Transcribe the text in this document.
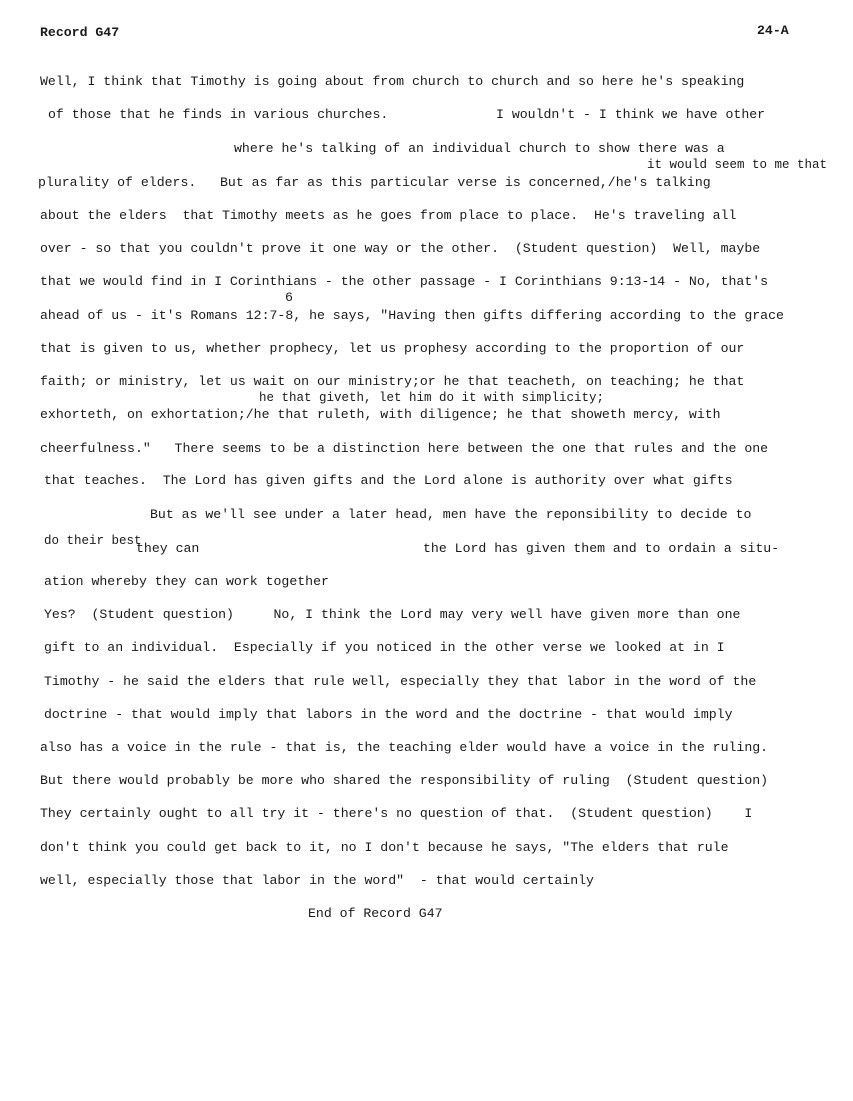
Record G47	24-A
Well, I think that Timothy is going about from church to church and so here he's speaking
of those that he finds in various churches.	I wouldn't - I think we have other
where he's talking of an individual church to show there was a
it would seem to me that
plurality of elders.   But as far as this particular verse is concerned,/he's talking
about the elders  that Timothy meets as he goes from place to place.  He's traveling all
over - so that you couldn't prove it one way or the other.  (Student question)  Well, maybe
that we would find in I Corinthians - the other passage - I Corinthians 9:13-14 - No, that's
6
ahead of us - it's Romans 12:7-8, he says, "Having then gifts differing according to the grace
that is given to us, whether prophecy, let us prophesy according to the proportion of our
faith; or ministry, let us wait on our ministry;or he that teacheth, on teaching; he that
he that giveth, let him do it with simplicity;
exhorteth, on exhortation;/he that ruleth, with diligence; he that showeth mercy, with
cheerfulness."   There seems to be a distinction here between the one that rules and the one
that teaches.  The Lord has given gifts and the Lord alone is authority over what gifts
But as we'll see under a later head, men have the reponsibility to decide to
do their best
they can	the Lord has given them and to ordain a situ-
ation whereby they can work together
Yes?  (Student question)     No, I think the Lord may very well have given more than one
gift to an individual.  Especially if you noticed in the other verse we looked at in I
Timothy - he said the elders that rule well, especially they that labor in the word of the
doctrine - that would imply that labors in the word and the doctrine - that would imply
also has a voice in the rule - that is, the teaching elder would have a voice in the ruling.
But there would probably be more who shared the responsibility of ruling  (Student question)
They certainly ought to all try it - there's no question of that.  (Student question)    I
don't think you could get back to it, no I don't because he says, "The elders that rule
well, especially those that labor in the word"  - that would certainly
End of Record G47
